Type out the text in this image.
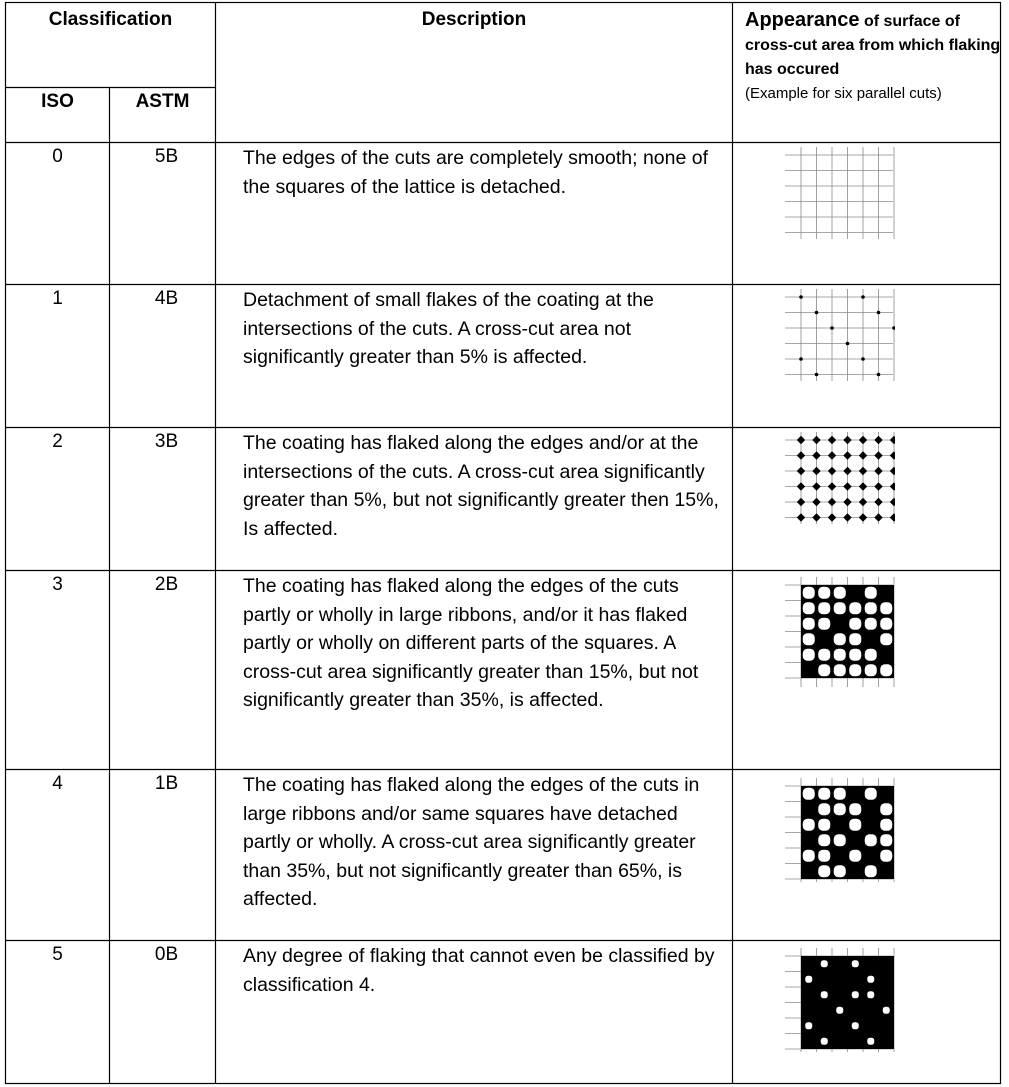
Classification
ISO	ASTM
Description	Appearance of surface of cross-cut area from which flaking has occured
(Example for six parallel cuts)
0	5B	The edges of the cuts are completely smooth; none of the squares of the lattice is detached.
1	4B	Detachment of small flakes of the coating at the intersections of the cuts. A cross-cut area not significantly greater than 5% is affected.
2	3B	The coating has flaked along the edges and/or at the intersections of the cuts. A cross-cut area significantly greater than 5%, but not significantly greater then 15%, Is affected.
3	2B	The coating has flaked along the edges of the cuts partly or wholly in large ribbons, and/or it has flaked partly or wholly on different parts of the squares. A cross-cut area significantly greater than 15%, but not significantly greater than 35%, is affected.
4	1B	The coating has flaked along the edges of the cuts in large ribbons and/or same squares have detached partly or wholly. A cross-cut area significantly greater than 35%, but not significantly greater than 65%, is affected.
5	0B	Any degree of flaking that cannot even be classified by classification 4.
